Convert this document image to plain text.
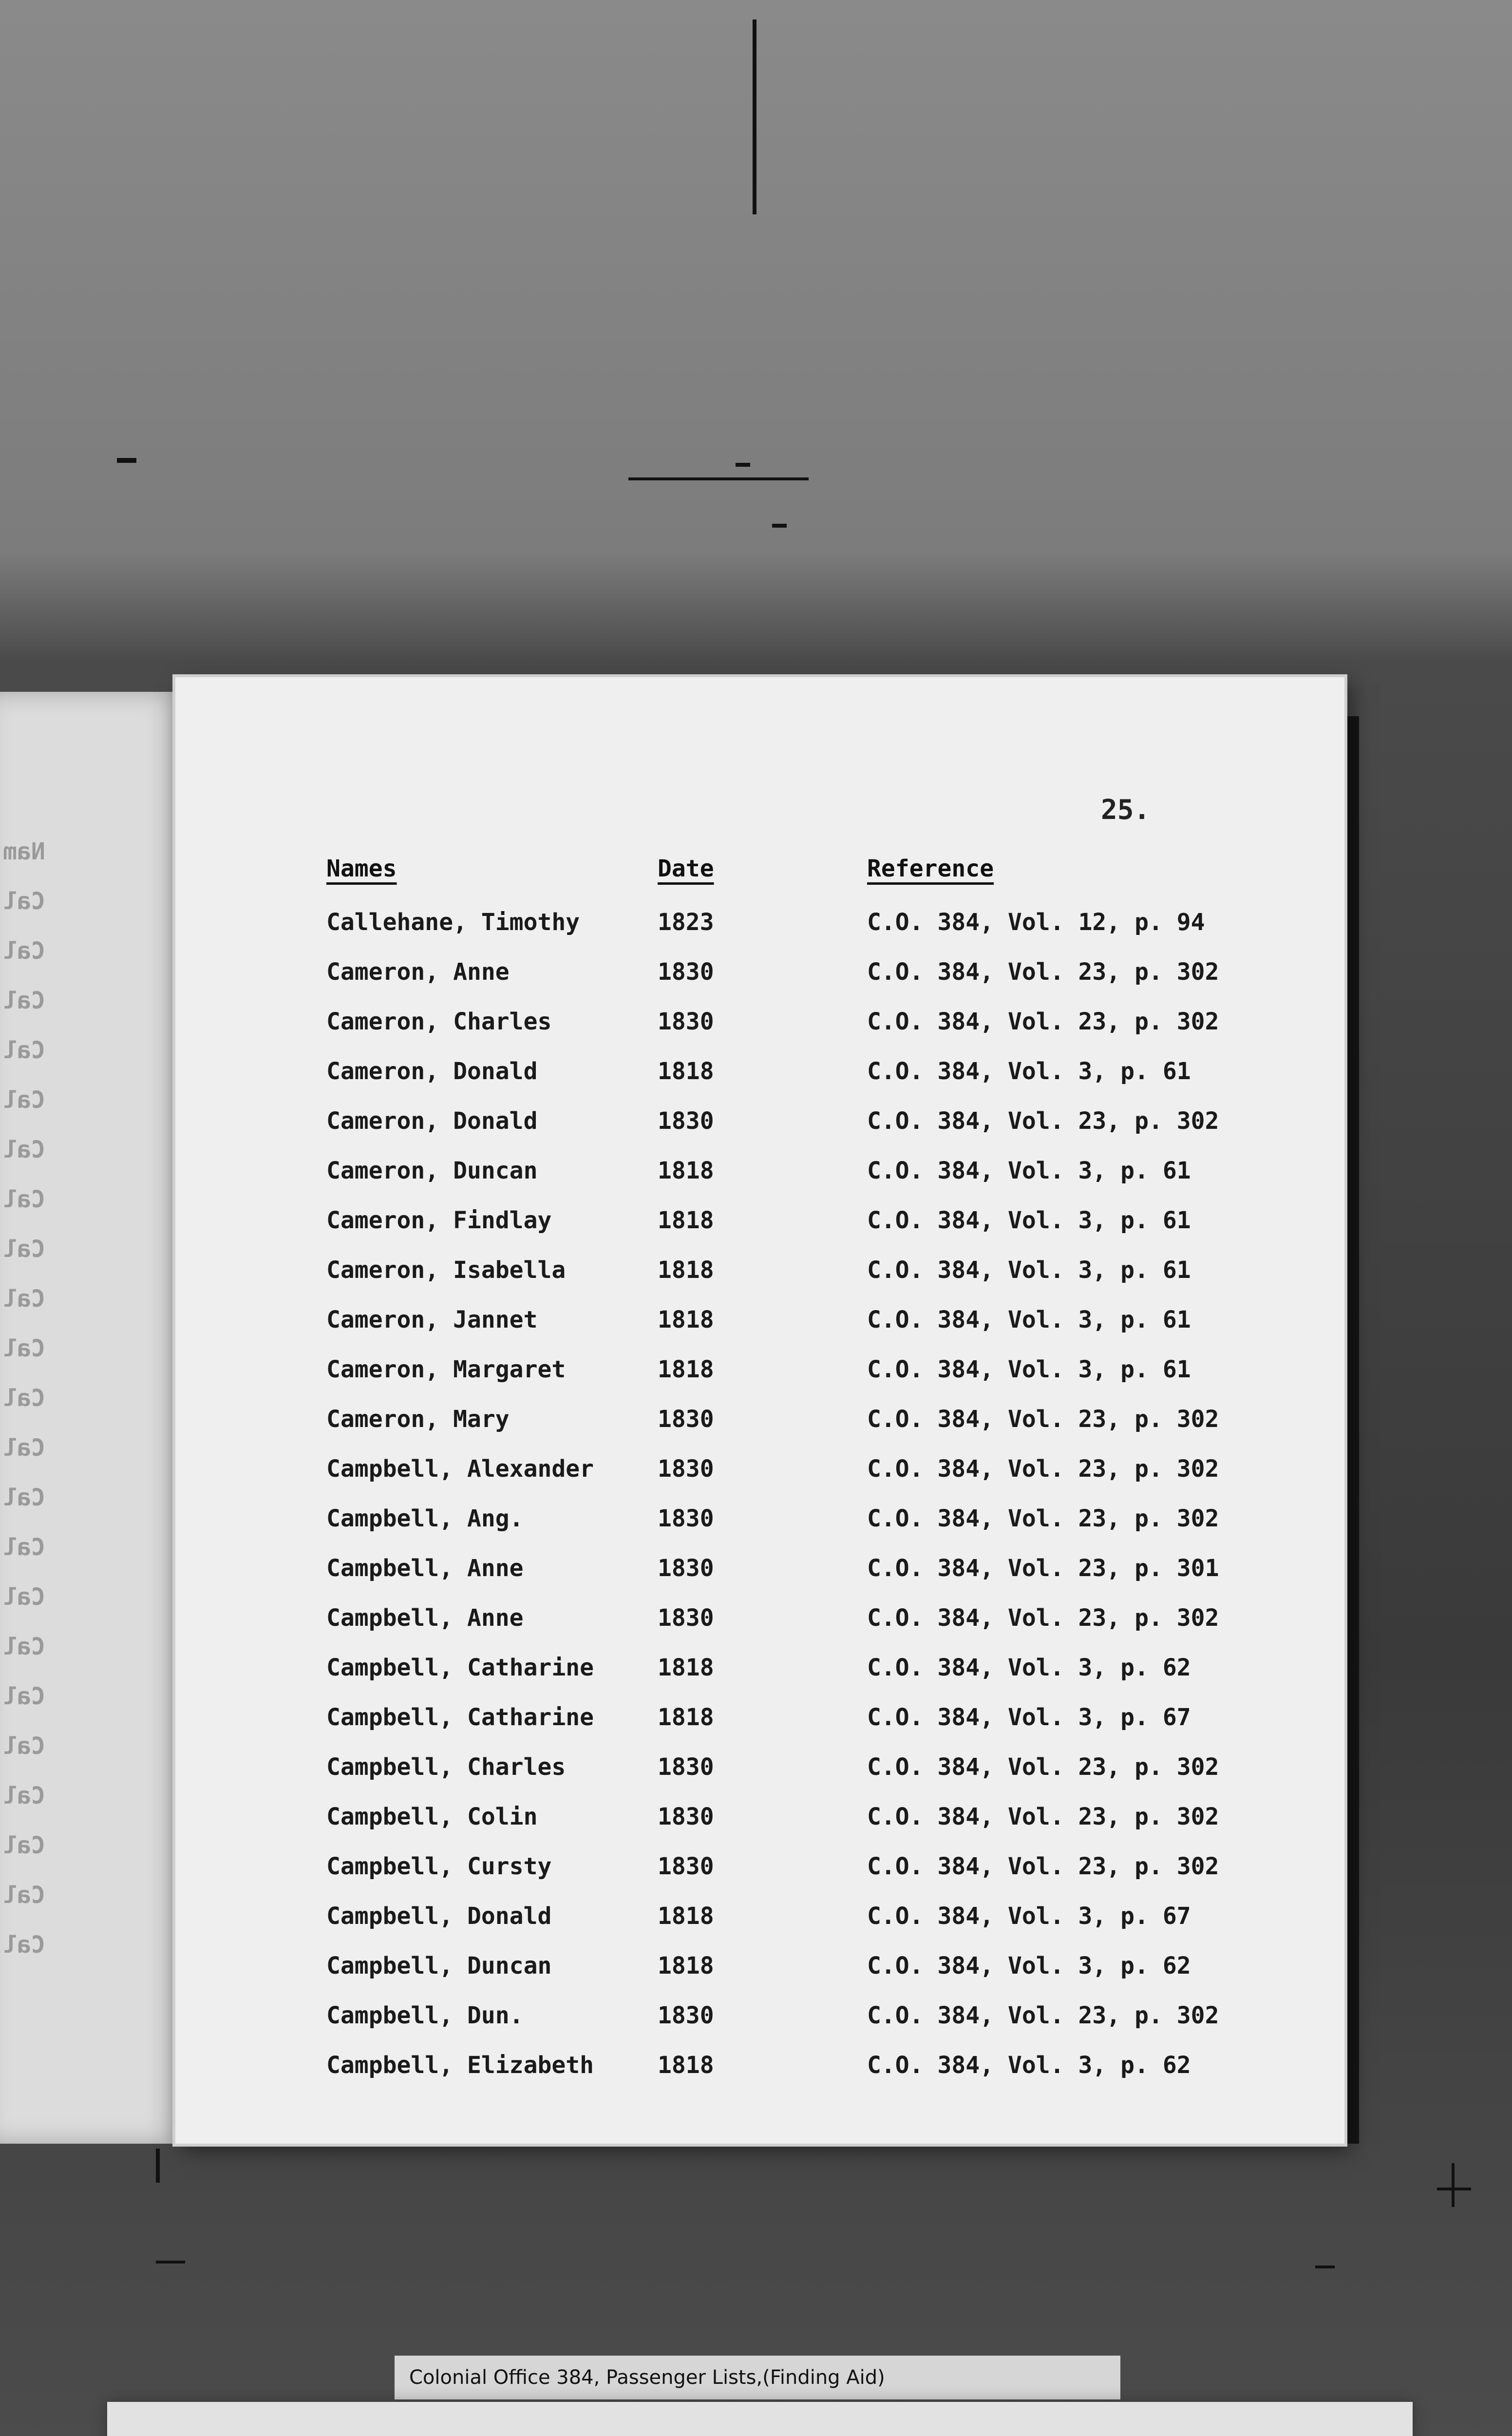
Nam
Cal
Cal
Cal
Cal
Cal
Cal
Cal
Cal
Cal
Cal
Cal
Cal
Cal
Cal
Cal
Cal
Cal
Cal
Cal
Cal
Cal
Cal
25.
Names	Date	Reference
Callehane, Timothy	1823	C.O. 384, Vol. 12, p. 94
Cameron, Anne	1830	C.O. 384, Vol. 23, p. 302
Cameron, Charles	1830	C.O. 384, Vol. 23, p. 302
Cameron, Donald	1818	C.O. 384, Vol. 3, p. 61
Cameron, Donald	1830	C.O. 384, Vol. 23, p. 302
Cameron, Duncan	1818	C.O. 384, Vol. 3, p. 61
Cameron, Findlay	1818	C.O. 384, Vol. 3, p. 61
Cameron, Isabella	1818	C.O. 384, Vol. 3, p. 61
Cameron, Jannet	1818	C.O. 384, Vol. 3, p. 61
Cameron, Margaret	1818	C.O. 384, Vol. 3, p. 61
Cameron, Mary	1830	C.O. 384, Vol. 23, p. 302
Campbell, Alexander	1830	C.O. 384, Vol. 23, p. 302
Campbell, Ang.	1830	C.O. 384, Vol. 23, p. 302
Campbell, Anne	1830	C.O. 384, Vol. 23, p. 301
Campbell, Anne	1830	C.O. 384, Vol. 23, p. 302
Campbell, Catharine	1818	C.O. 384, Vol. 3, p. 62
Campbell, Catharine	1818	C.O. 384, Vol. 3, p. 67
Campbell, Charles	1830	C.O. 384, Vol. 23, p. 302
Campbell, Colin	1830	C.O. 384, Vol. 23, p. 302
Campbell, Cursty	1830	C.O. 384, Vol. 23, p. 302
Campbell, Donald	1818	C.O. 384, Vol. 3, p. 67
Campbell, Duncan	1818	C.O. 384, Vol. 3, p. 62
Campbell, Dun.	1830	C.O. 384, Vol. 23, p. 302
Campbell, Elizabeth	1818	C.O. 384, Vol. 3, p. 62
Colonial Office 384, Passenger Lists,(Finding Aid)
